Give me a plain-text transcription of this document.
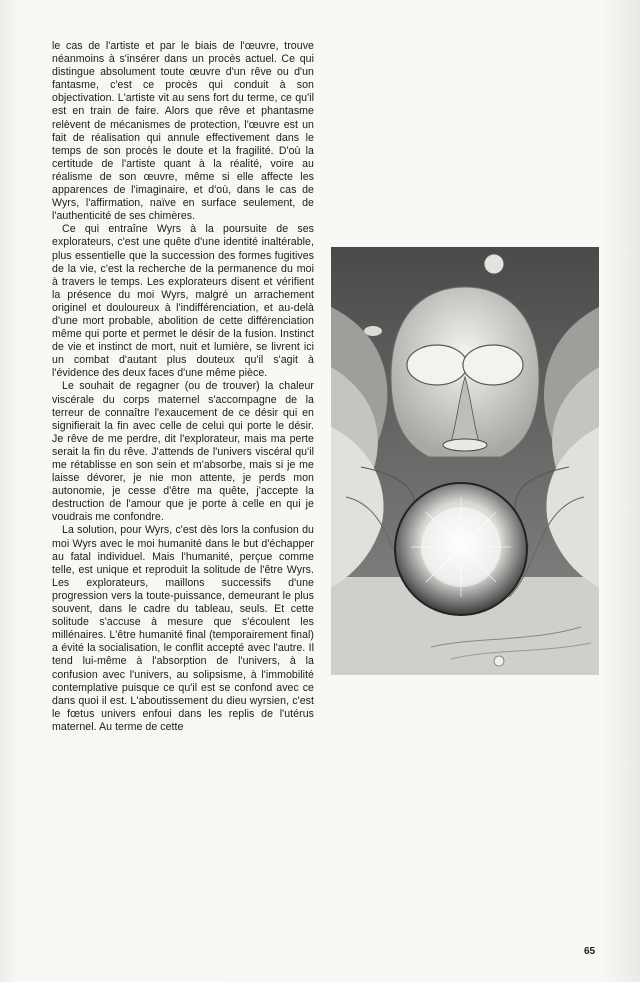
le cas de l'artiste et par le biais de l'œuvre, trouve néanmoins à s'insérer dans un procès actuel. Ce qui distingue absolument toute œuvre d'un rêve ou d'un fantasme, c'est ce procès qui conduit à son objectivation. L'artiste vit au sens fort du terme, ce qu'il est en train de faire. Alors que rêve et phantasme relèvent de mécanismes de protection, l'œuvre est un fait de réalisation qui annule effectivement dans le temps de son procès le doute et la fragilité. D'où la certitude de l'artiste quant à la réalité, voire au réalisme de son œuvre, même si elle affecte les apparences de l'imaginaire, et d'où, dans le cas de Wyrs, l'affirmation, naïve en surface seulement, de l'authenticité de ses chimères.

Ce qui entraîne Wyrs à la poursuite de ses explorateurs, c'est une quête d'une identité inaltérable, plus essentielle que la succession des formes fugitives de la vie, c'est la recherche de la permanence du moi à travers le temps. Les explorateurs disent et vérifient la présence du moi Wyrs, malgré un arrachement originel et douloureux à l'indifférenciation, et au-delà d'une mort probable, abolition de cette différenciation même qui porte et permet le désir de la fusion. Instinct de vie et instinct de mort, nuit et lumière, se livrent ici un combat d'autant plus douteux qu'il s'agit à l'évidence des deux faces d'une même pièce.

Le souhait de regagner (ou de trouver) la chaleur viscérale du corps maternel s'accompagne de la terreur de connaître l'exaucement de ce désir qui en signifierait la fin avec celle de celui qui porte le désir. Je rêve de me perdre, dit l'explorateur, mais ma perte serait la fin du rêve. J'attends de l'univers viscéral qu'il me rétablisse en son sein et m'absorbe, mais si je me laisse dévorer, je nie mon attente, je perds mon autonomie, je cesse d'être ma quête, j'accepte la destruction de l'amour que je porte à celle en qui je voudrais me confondre.

La solution, pour Wyrs, c'est dès lors la confusion du moi Wyrs avec le moi humanité dans le but d'échapper au fatal individuel. Mais l'humanité, perçue comme telle, est unique et reproduit la solitude de l'être Wyrs. Les explorateurs, maillons successifs d'une progression vers la toute-puissance, demeurant le plus souvent, dans le cadre du tableau, seuls. Et cette solitude s'accuse à mesure que s'écoulent les millénaires. L'être humanité final (temporairement final) a évité la socialisation, le conflit accepté avec l'autre. Il tend lui-même à l'absorption de l'univers, à la confusion avec l'univers, au solipsisme, à l'immobilité contemplative puisque ce qu'il est se confond avec ce dans quoi il est. L'aboutissement du dieu wyrsien, c'est le fœtus univers enfoui dans les replis de l'utérus maternel. Au terme de cette

65
